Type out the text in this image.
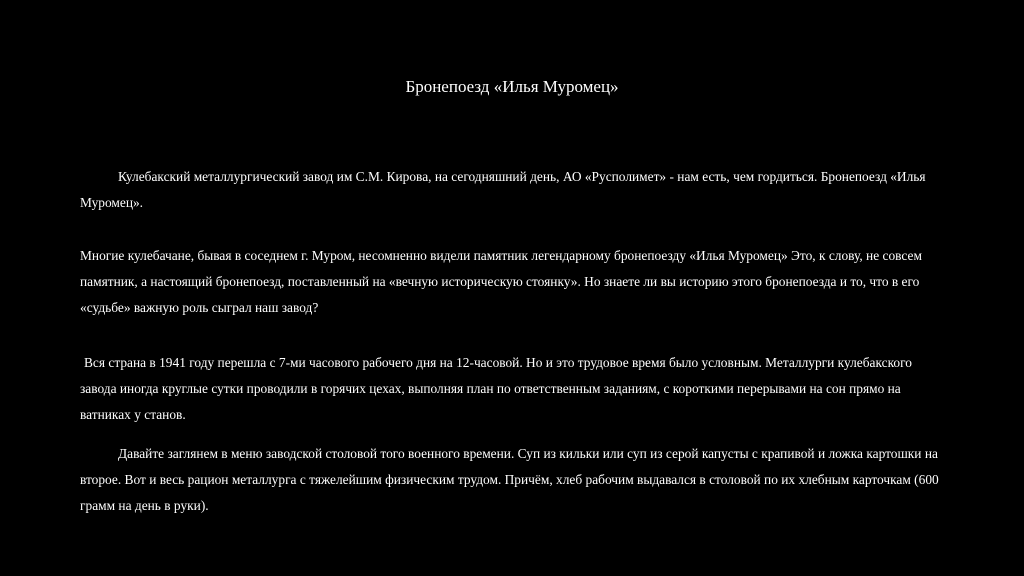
Бронепоезд «Илья Муромец»

Кулебакский металлургический завод им С.М. Кирова, на сегодняшний день, АО «Русполимет» - нам есть, чем гордиться. Бронепоезд «Илья Муромец».

Многие кулебачане, бывая в соседнем г. Муром, несомненно видели памятник легендарному бронепоезду «Илья Муромец» Это, к слову, не совсем памятник, а настоящий бронепоезд, поставленный на «вечную историческую стоянку». Но знаете ли вы историю этого бронепоезда и то, что в его «судьбе» важную роль сыграл наш завод?

Вся страна в 1941 году перешла с 7-ми часового рабочего дня на 12-часовой. Но и это трудовое время было условным. Металлурги кулебакского завода иногда круглые сутки проводили в горячих цехах, выполняя план по ответственным заданиям, с короткими перерывами на сон прямо на ватниках у станов.

Давайте заглянем в меню заводской столовой того военного времени. Суп из кильки или суп из серой капусты с крапивой и ложка картошки на второе. Вот и весь рацион металлурга с тяжелейшим физическим трудом. Причём, хлеб рабочим выдавался в столовой по их хлебным карточкам (600 грамм на день в руки).
